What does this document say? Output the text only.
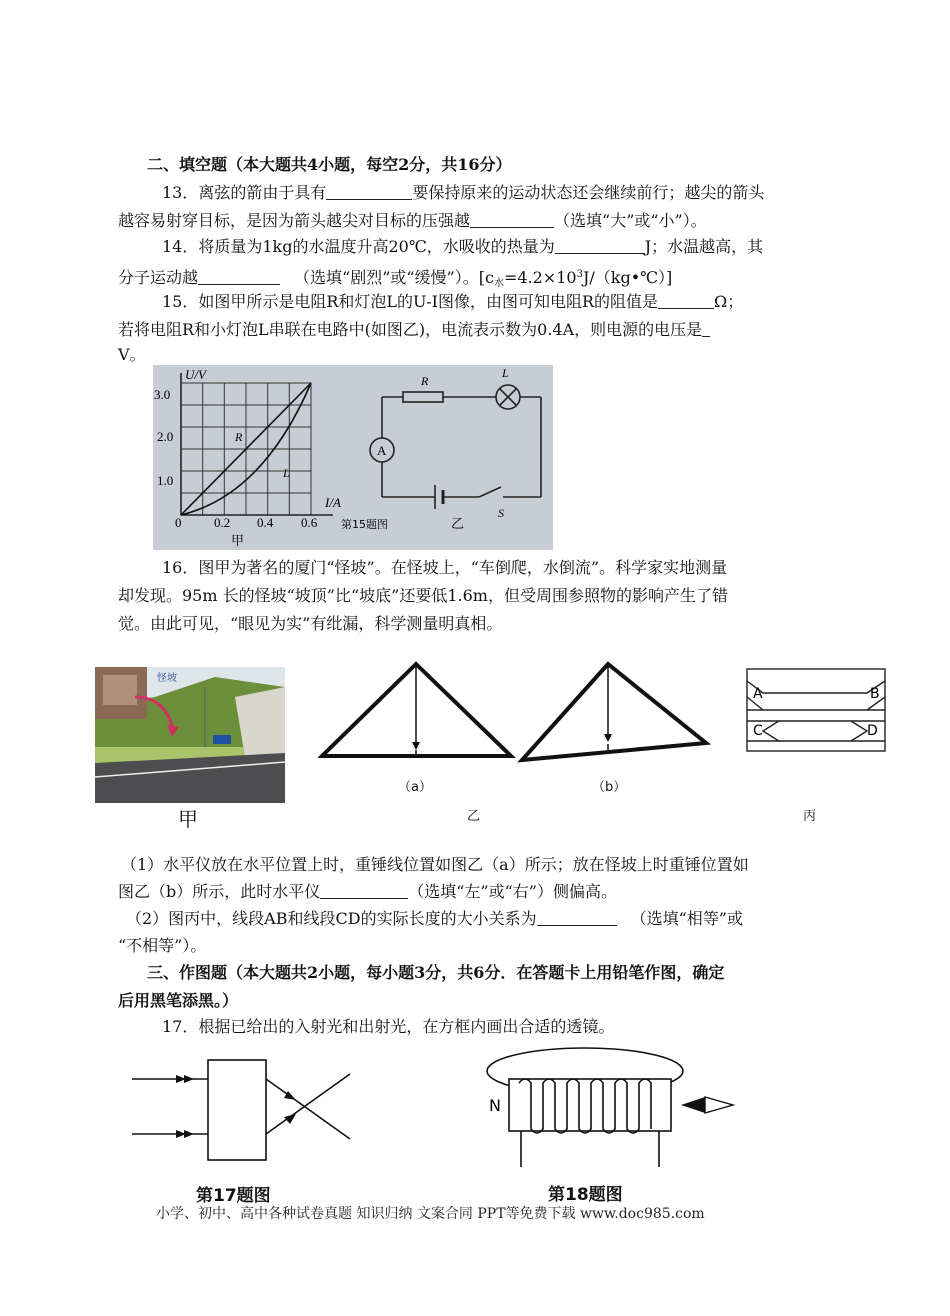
二、填空题（本大题共4小题，每空2分，共16分）
13．离弦的箭由于具有	要保持原来的运动状态还会继续前行；越尖的箭头
越容易射穿目标，是因为箭头越尖对目标的压强越	（选填“大”或“小”）。
14．将质量为1kg的水温度升高20℃，水吸收的热量为	J；水温越高，其
分子运动越	（选填“剧烈”或“缓慢”）。$[c_水=4.2\times 10^3J/(kg•℃)]$
15．如图甲所示是电阻R和灯泡L的U-I图像，由图可知电阻R的阻值是	Ω；
若将电阻R和小灯泡L串联在电路中(如图乙)，电流表示数为0.4A，则电源的电压是
V。
U/V
I/A
3.0
2.0
1.0
0	0.2 0.4 0.6
R
L
甲
第15题图	乙
R
L
A
S
16．图甲为著名的厦门“怪坡”。在怪坡上，“车倒爬，水倒流”。科学家实地测量
却发现。95m 长的怪坡“坡顶”比“坡底”还要低1.6m，但受周围参照物的影响产生了错
觉。由此可见，“眼见为实”有纰漏，科学测量明真相。
怪坡
甲
（a）	（b）
乙
A	B
C	D
丙
（1）水平仪放在水平位置上时，重锤线位置如图乙（a）所示；放在怪坡上时重锤位置如
图乙（b）所示，此时水平仪	（选填“左”或“右”）侧偏高。
（2）图丙中，线段AB和线段CD的实际长度的大小关系为	（选填“相等”或
“不相等”）。
三、作图题（本大题共2小题，每小题3分，共6分．在答题卡上用铅笔作图，确定
后用黑笔添黑。）
17．根据已给出的入射光和出射光，在方框内画出合适的透镜。
第17题图
N
第18题图
小学、初中、高中各种试卷真题 知识归纳 文案合同 PPT等免费下载 www.doc985.com
